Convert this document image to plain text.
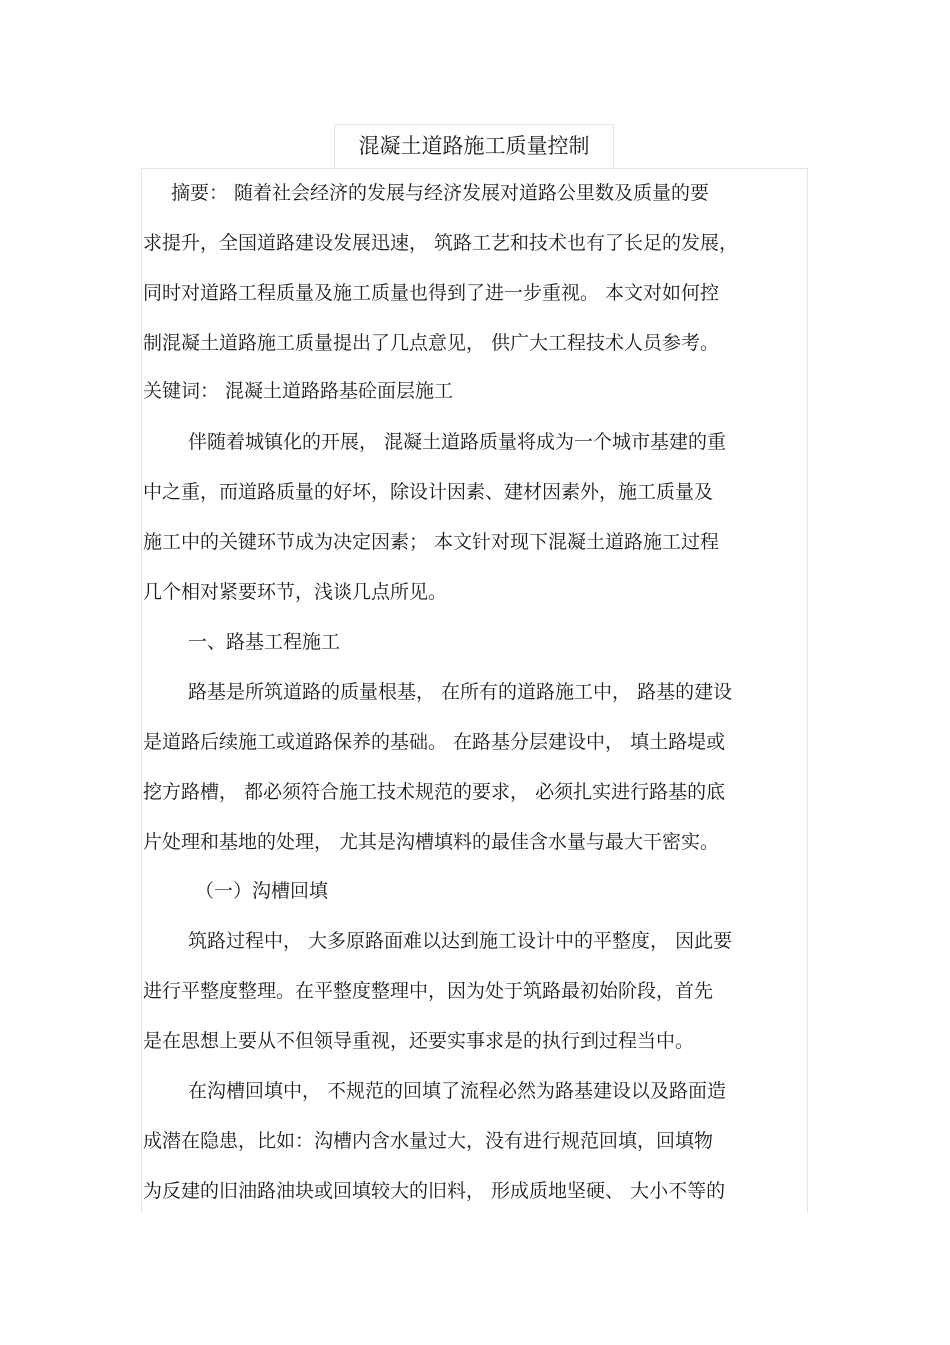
混凝土道路施工质量控制
摘要： 随着社会经济的发展与经济发展对道路公里数及质量的要
求提升，全国道路建设发展迅速， 筑路工艺和技术也有了长足的发展，
同时对道路工程质量及施工质量也得到了进一步重视。 本文对如何控
制混凝土道路施工质量提出了几点意见， 供广大工程技术人员参考。
关键词： 混凝土道路路基砼面层施工
伴随着城镇化的开展， 混凝土道路质量将成为一个城市基建的重
中之重，而道路质量的好坏，除设计因素、建材因素外，施工质量及
施工中的关键环节成为决定因素； 本文针对现下混凝土道路施工过程
几个相对紧要环节，浅谈几点所见。
一、路基工程施工
路基是所筑道路的质量根基， 在所有的道路施工中， 路基的建设
是道路后续施工或道路保养的基础。 在路基分层建设中， 填土路堤或
挖方路槽， 都必须符合施工技术规范的要求， 必须扎实进行路基的底
片处理和基地的处理， 尤其是沟槽填料的最佳含水量与最大干密实。
（一）沟槽回填
筑路过程中， 大多原路面难以达到施工设计中的平整度， 因此要
进行平整度整理。在平整度整理中，因为处于筑路最初始阶段，首先
是在思想上要从不但领导重视，还要实事求是的执行到过程当中。
在沟槽回填中， 不规范的回填了流程必然为路基建设以及路面造
成潜在隐患，比如：沟槽内含水量过大，没有进行规范回填，回填物
为反建的旧油路油块或回填较大的旧料， 形成质地坚硬、 大小不等的
